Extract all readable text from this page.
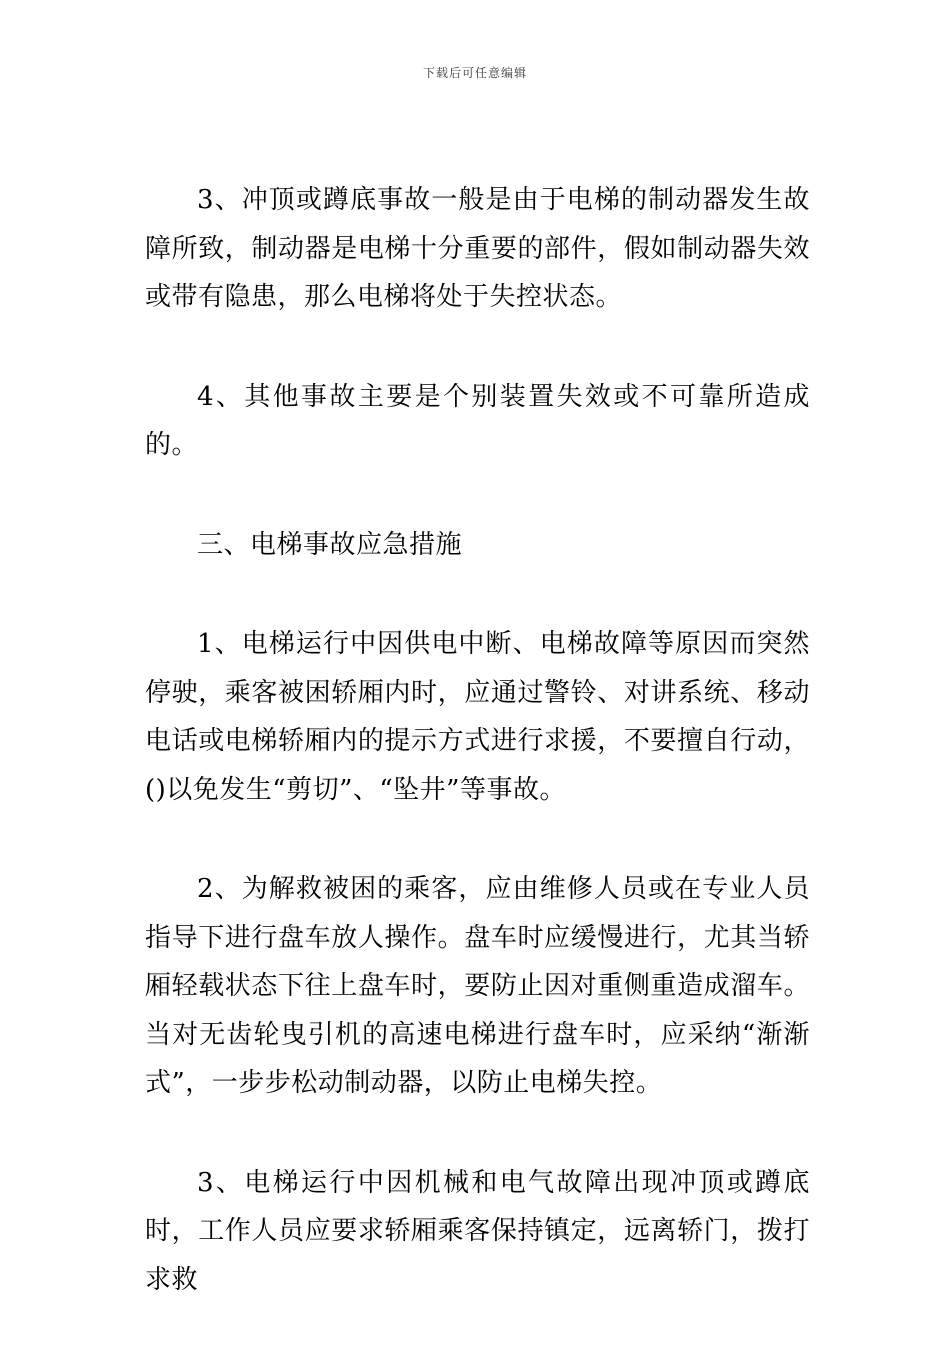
下载后可任意编辑

3、冲顶或蹲底事故一般是由于电梯的制动器发生故障所致，制动器是电梯十分重要的部件，假如制动器失效或带有隐患，那么电梯将处于失控状态。

4、其他事故主要是个别装置失效或不可靠所造成的。

三、电梯事故应急措施

1、电梯运行中因供电中断、电梯故障等原因而突然停驶，乘客被困轿厢内时，应通过警铃、对讲系统、移动电话或电梯轿厢内的提示方式进行求援，不要擅自行动，()以免发生“剪切”、“坠井”等事故。

2、为解救被困的乘客，应由维修人员或在专业人员指导下进行盘车放人操作。盘车时应缓慢进行，尤其当轿厢轻载状态下往上盘车时，要防止因对重侧重造成溜车。当对无齿轮曳引机的高速电梯进行盘车时，应采纳“渐渐式”，一步步松动制动器，以防止电梯失控。

3、电梯运行中因机械和电气故障出现冲顶或蹲底时，工作人员应要求轿厢乘客保持镇定，远离轿门，拨打求救
